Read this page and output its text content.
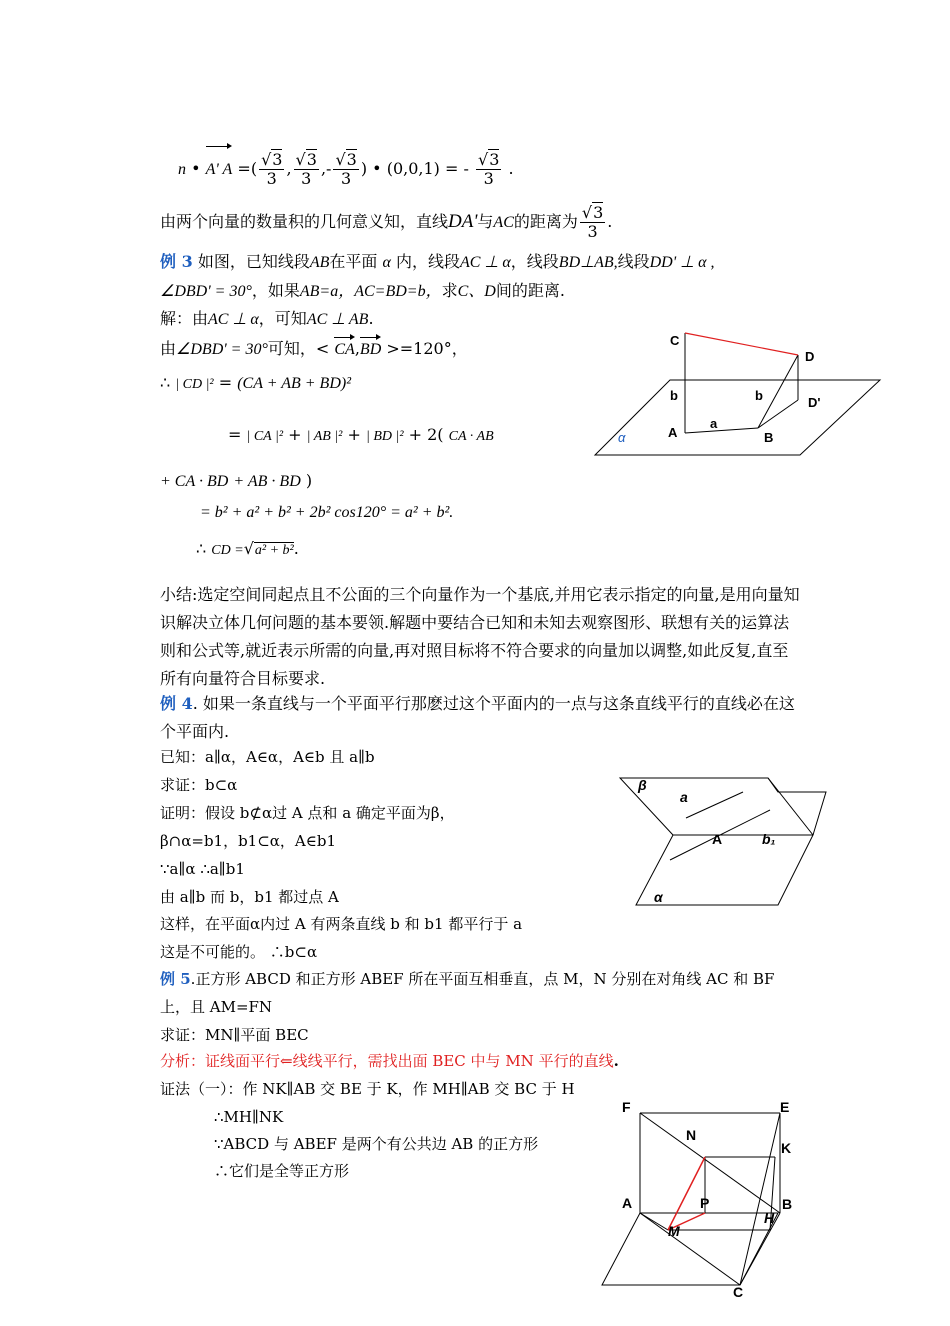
n • A' A =( $\frac{√3}{3}$ , $\frac{√3}{3}$ ,- $\frac{√3}{3}$ ) • (0,0,1) = - $\frac{√3}{3}$ .
由两个向量的数量积的几何意义知，直线DA'与AC的距离为 $\frac{√3}{3}$ .
例 3 如图，已知线段AB在平面 α 内，线段AC ⊥ α，线段BD⊥AB,线段DD' ⊥ α ,
∠DBD' = 30°，如果AB=a，AC=BD=b，求C、D间的距离.
解：由AC ⊥ α，可知AC ⊥ AB.
由∠DBD' = 30°可知，< CA,BD >=120°，
∴ | CD |² = (CA + AB + BD)²
= | CA |² + | AB |² + | BD |² + 2( CA · AB
+ CA · BD + AB · BD )
= b² + a² + b² + 2b² cos120° = a² + b².
∴ CD =√a² + b².
C
D
D'
b	b
A
a
B
α
小结:选定空间同起点且不公面的三个向量作为一个基底,并用它表示指定的向量,是用向量知识解决立体几何问题的基本要领.解题中要结合已知和未知去观察图形、联想有关的运算法则和公式等,就近表示所需的向量,再对照目标将不符合要求的向量加以调整,如此反复,直至所有向量符合目标要求.
例 4. 如果一条直线与一个平面平行那麽过这个平面内的一点与这条直线平行的直线必在这个平面内.
已知：a∥α，A∈α，A∈b 且 a∥b
求证：b⊂α
证明：假设 b⊄α过 A 点和 a 确定平面为β，
β∩α=b1，b1⊂α，A∈b1
∵a∥α ∴a∥b1
由 a∥b 而 b，b1 都过点 A
这样，在平面α内过 A 有两条直线 b 和 b1 都平行于 a
这是不可能的。 ∴b⊂α
β
a
A	b₁
α
例 5.正方形 ABCD 和正方形 ABEF 所在平面互相垂直，点 M，N 分别在对角线 AC 和 BF 上，且 AM=FN
求证：MN∥平面 BEC
分析：证线面平行⇐线线平行，需找出面 BEC 中与 MN 平行的直线.
证法（一）：作 NK∥AB 交 BE 于 K，作 MH∥AB 交 BC 于 H
∴MH∥NK
∵ABCD 与 ABEF 是两个有公共边 AB 的正方形
∴它们是全等正方形
F	E
N
K
A	P	B
H
M
C
